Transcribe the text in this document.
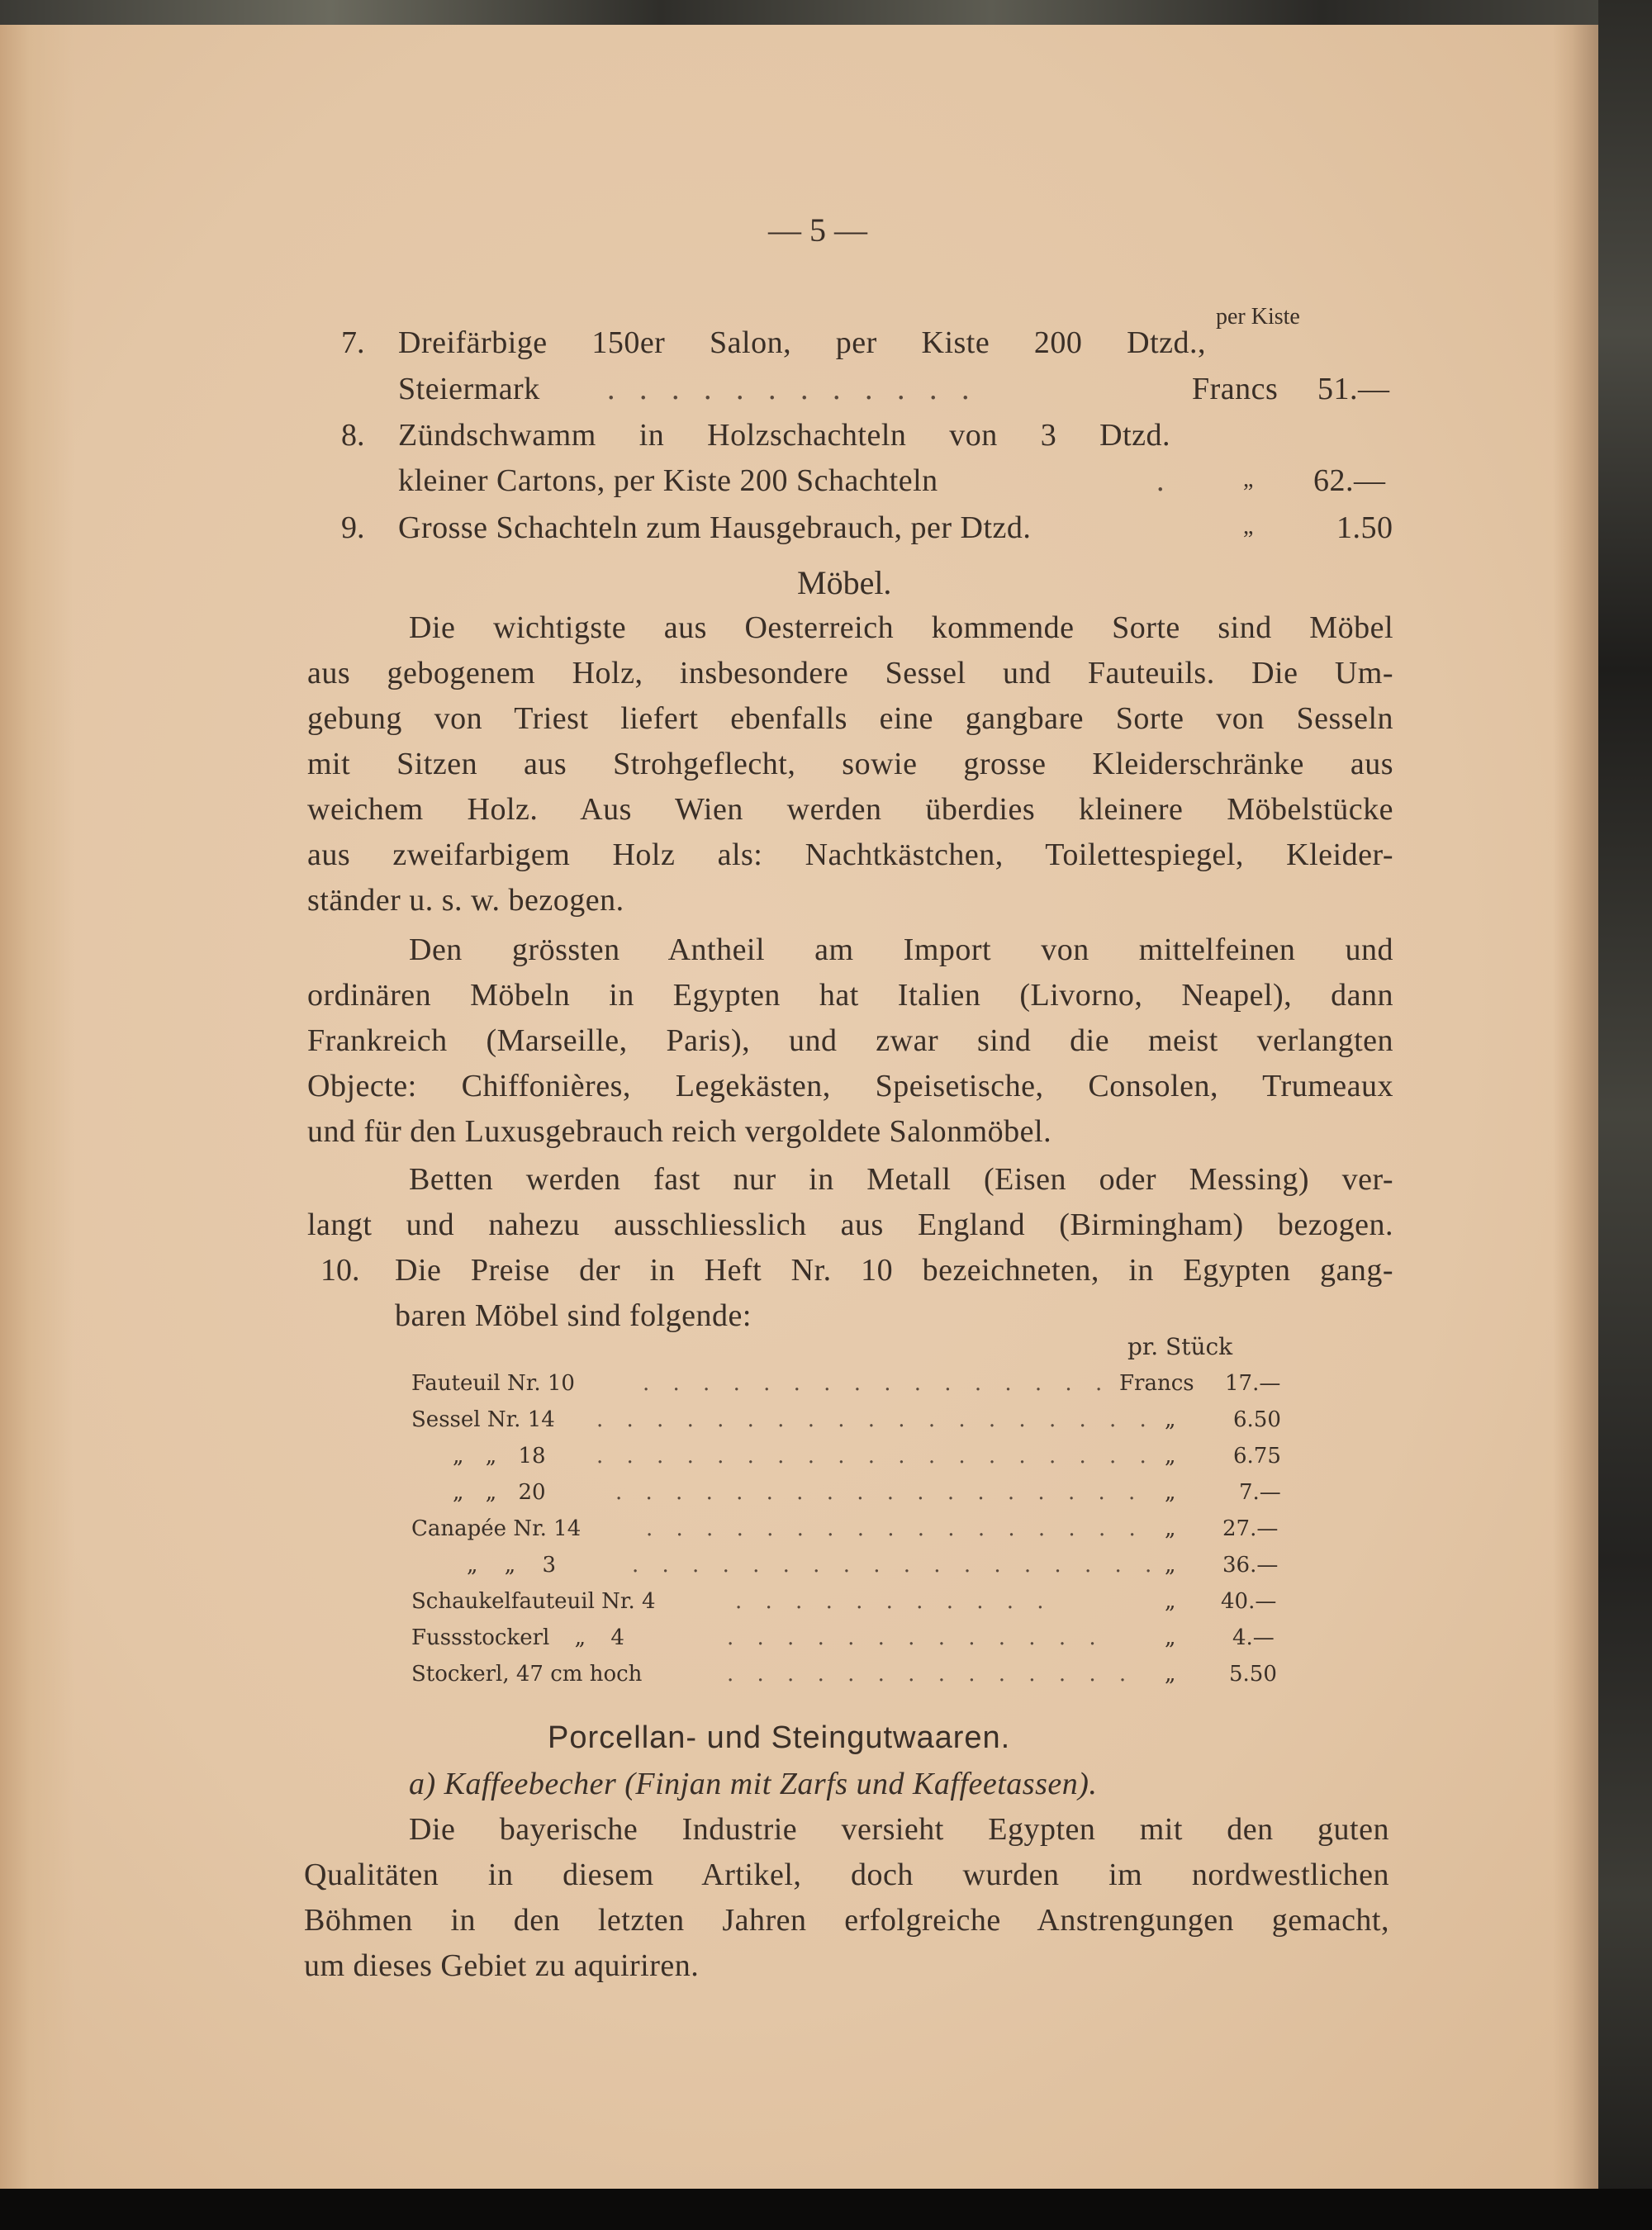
— 5 —
per Kiste
7. Dreifärbige 150er Salon, per Kiste 200 Dtzd.,
Steiermark . . . . . . . . . . . .	Francs 51.—
8. Zündschwamm in Holzschachteln von 3 Dtzd.
kleiner Cartons, per Kiste 200 Schachteln	.	„ 62.—
9. Grosse Schachteln zum Hausgebrauch, per Dtzd.	„	1.50
Möbel.
Die wichtigste aus Oesterreich kommende Sorte sind Möbel
aus gebogenem Holz, insbesondere Sessel und Fauteuils. Die Um-
gebung von Triest liefert ebenfalls eine gangbare Sorte von Sesseln
mit Sitzen aus Strohgeflecht, sowie grosse Kleiderschränke aus
weichem Holz. Aus Wien werden überdies kleinere Möbelstücke
aus zweifarbigem Holz als: Nachtkästchen, Toilettespiegel, Kleider-
ständer u. s. w. bezogen.
Den grössten Antheil am Import von mittelfeinen und
ordinären Möbeln in Egypten hat Italien (Livorno, Neapel), dann
Frankreich (Marseille, Paris), und zwar sind die meist verlangten
Objecte: Chiffonières, Legekästen, Speisetische, Consolen, Trumeaux
und für den Luxusgebrauch reich vergoldete Salonmöbel.
Betten werden fast nur in Metall (Eisen oder Messing) ver-
langt und nahezu ausschliesslich aus England (Birmingham) bezogen.
10. Die Preise der in Heft Nr. 10 bezeichneten, in Egypten gang-
baren Möbel sind folgende:
pr. Stück
Fauteuil Nr. 10	. . . . . . . . . . . . . . . . Francs 17.—
Sessel Nr. 14 . . . . . . . . . . . . . . . . . . . „	6.50
„ „ 18 . . . . . . . . . . . . . . . . . . . „	6.75
„ „ 20	. . . . . . . . . . . . . . . . . . „	7.—
Canapée Nr. 14	. . . . . . . . . . . . . . . . . „ 27.—
„ „ 3	. . . . . . . . . . . . . . . . . . „ 36.—
Schaukelfauteuil Nr. 4	. . . . . . . . . . .	„ 40.—
Fussstockerl „ 4	. . . . . . . . . . . . .	„	4.—
Stockerl, 47 cm hoch	. . . . . . . . . . . . . . „ 5.50
Porcellan- und Steingutwaaren.
a) Kaffeebecher (Finjan mit Zarfs und Kaffeetassen).
Die bayerische Industrie versieht Egypten mit den guten
Qualitäten in diesem Artikel, doch wurden im nordwestlichen
Böhmen in den letzten Jahren erfolgreiche Anstrengungen gemacht,
um dieses Gebiet zu aquiriren.
